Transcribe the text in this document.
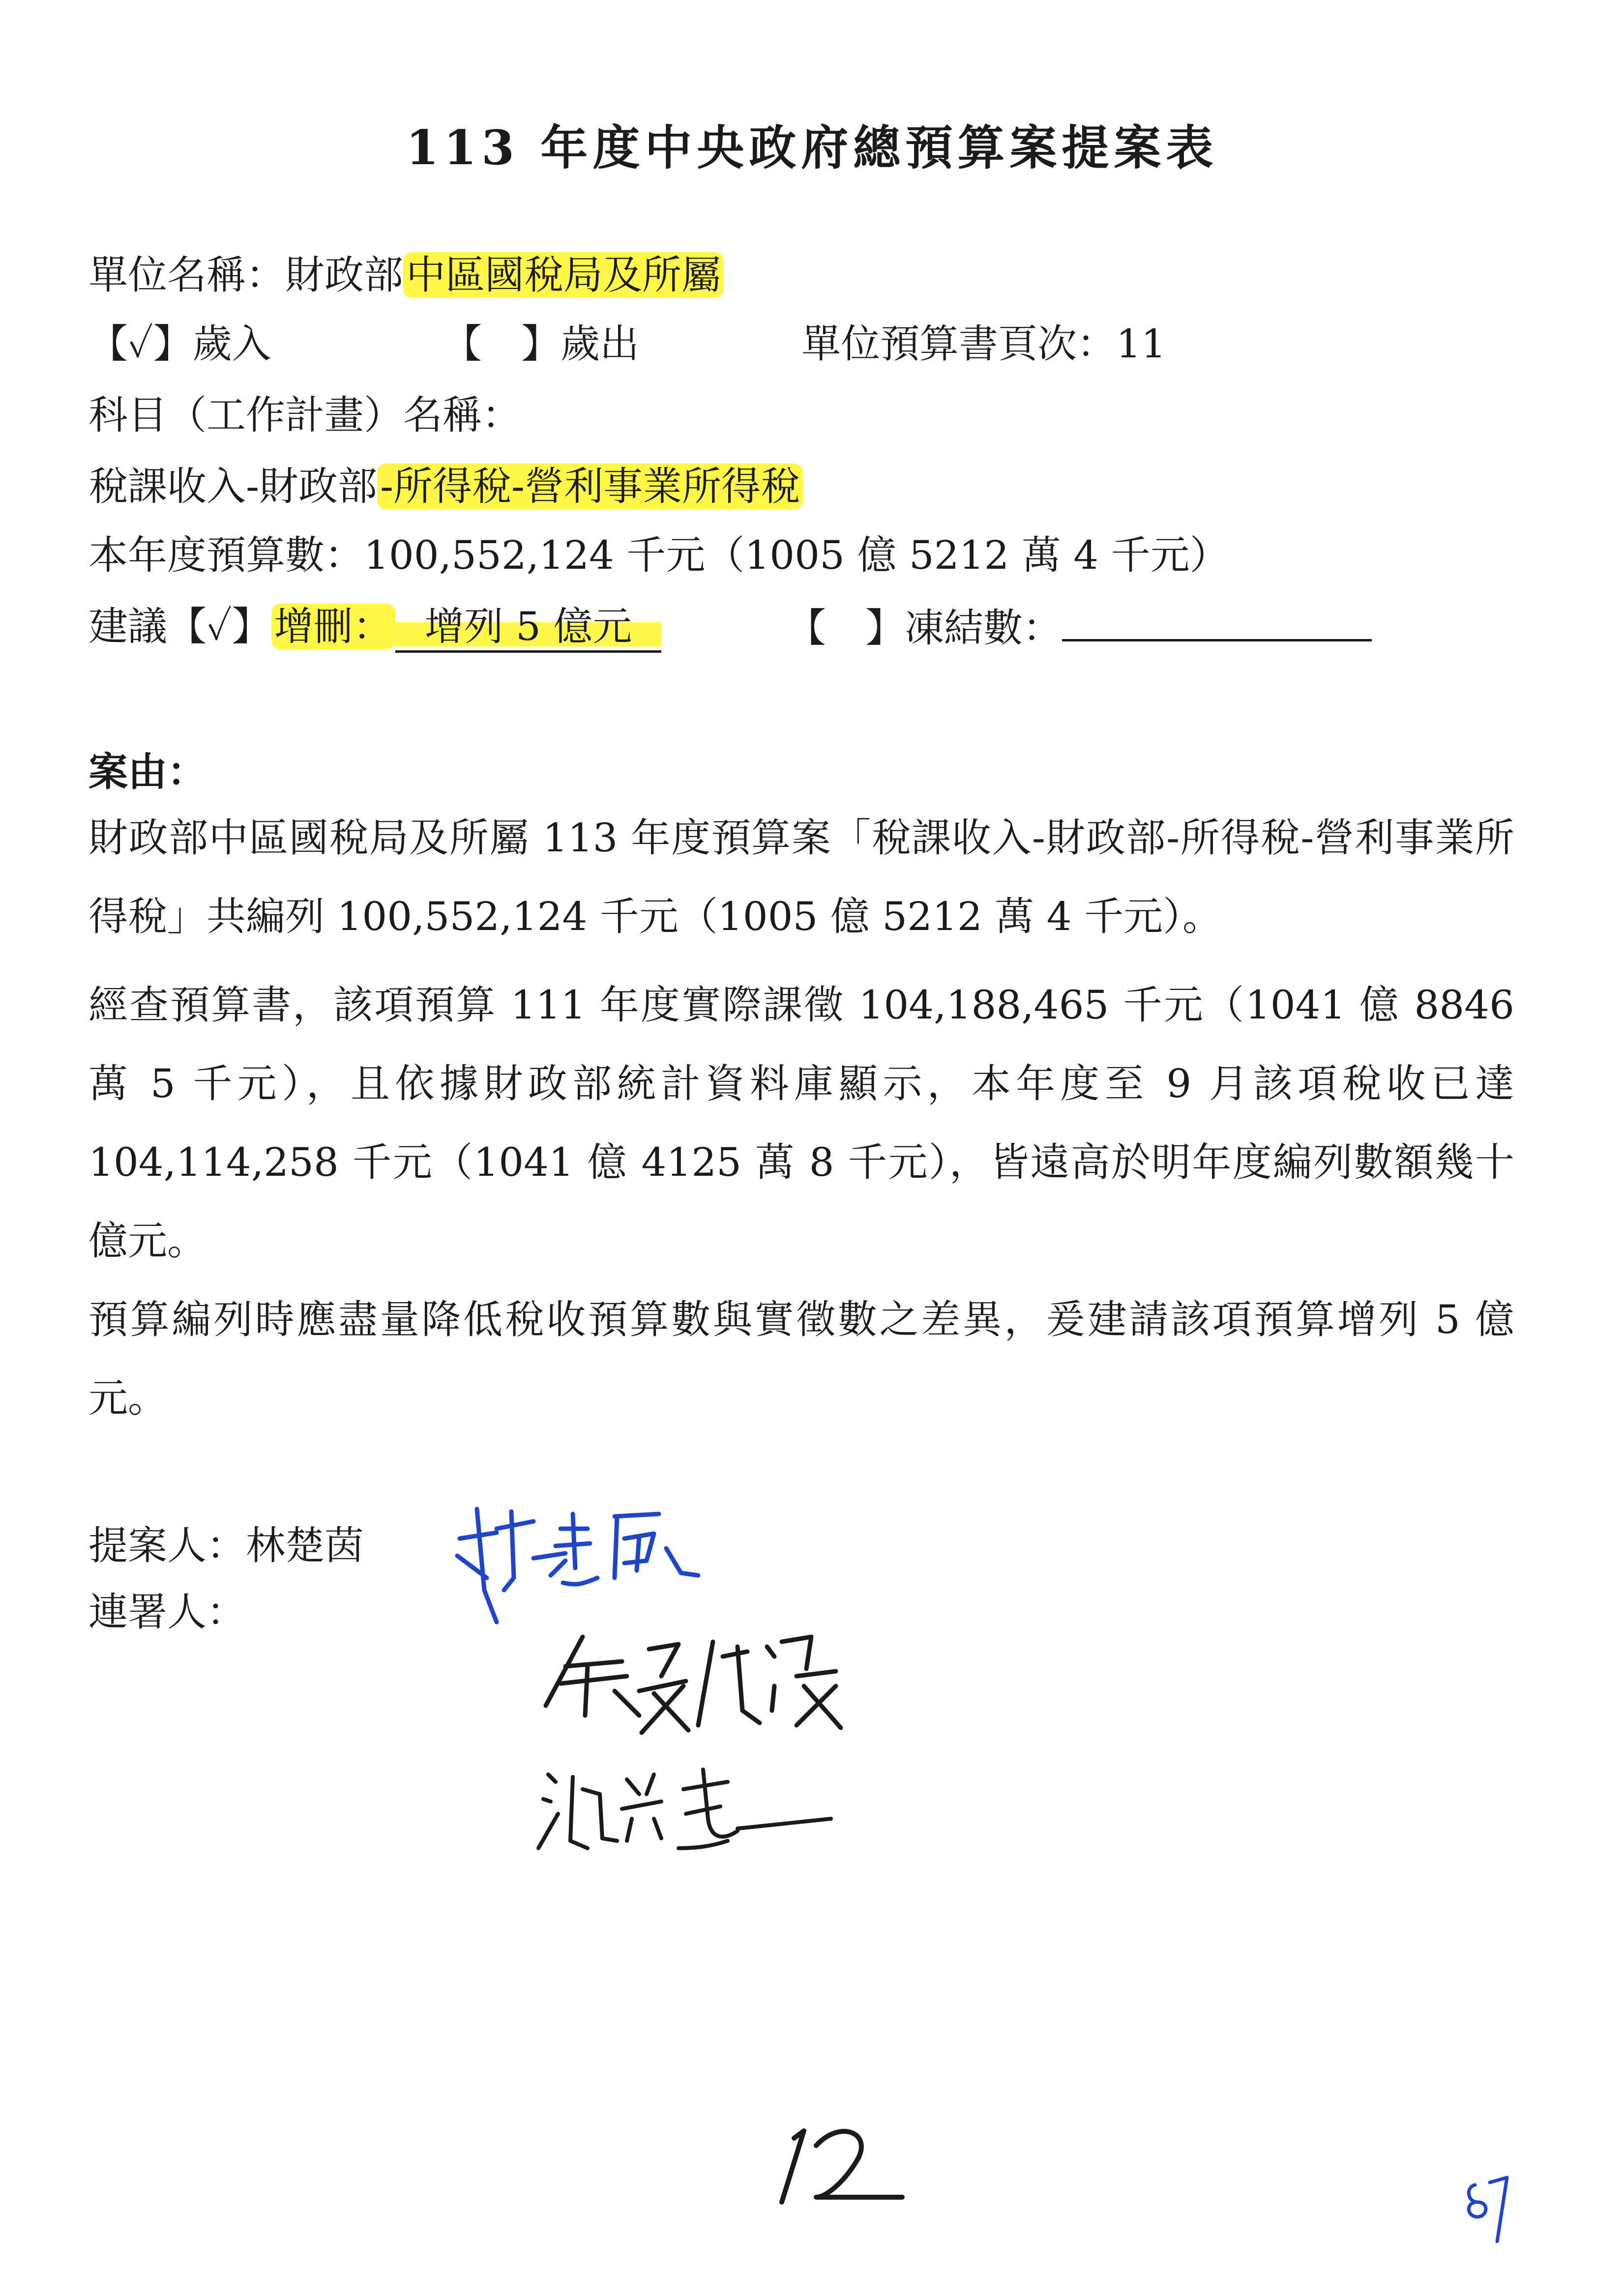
113 年度中央政府總預算案提案表
單位名稱：財政部中區國稅局及所屬
【✓】歲入	【　】歲出	單位預算書頁次：11
科目（工作計畫）名稱：
稅課收入-財政部-所得稅-營利事業所得稅
本年度預算數：100,552,124 千元（1005 億 5212 萬 4 千元）
建議【✓】增刪： 增列 5 億元	【　】凍結數：
案由：
財政部中區國稅局及所屬 113 年度預算案「稅課收入-財政部-所得稅-營利事業所得稅」共編列 100,552,124 千元（1005 億 5212 萬 4 千元）。
經查預算書，該項預算 111 年度實際課徵 104,188,465 千元（1041 億 8846 萬 5 千元），且依據財政部統計資料庫顯示，本年度至 9 月該項稅收已達 104,114,258 千元（1041 億 4125 萬 8 千元），皆遠高於明年度編列數額幾十億元。
預算編列時應盡量降低稅收預算數與實徵數之差異，爰建請該項預算增列 5 億元。
提案人：林楚茵
連署人：
